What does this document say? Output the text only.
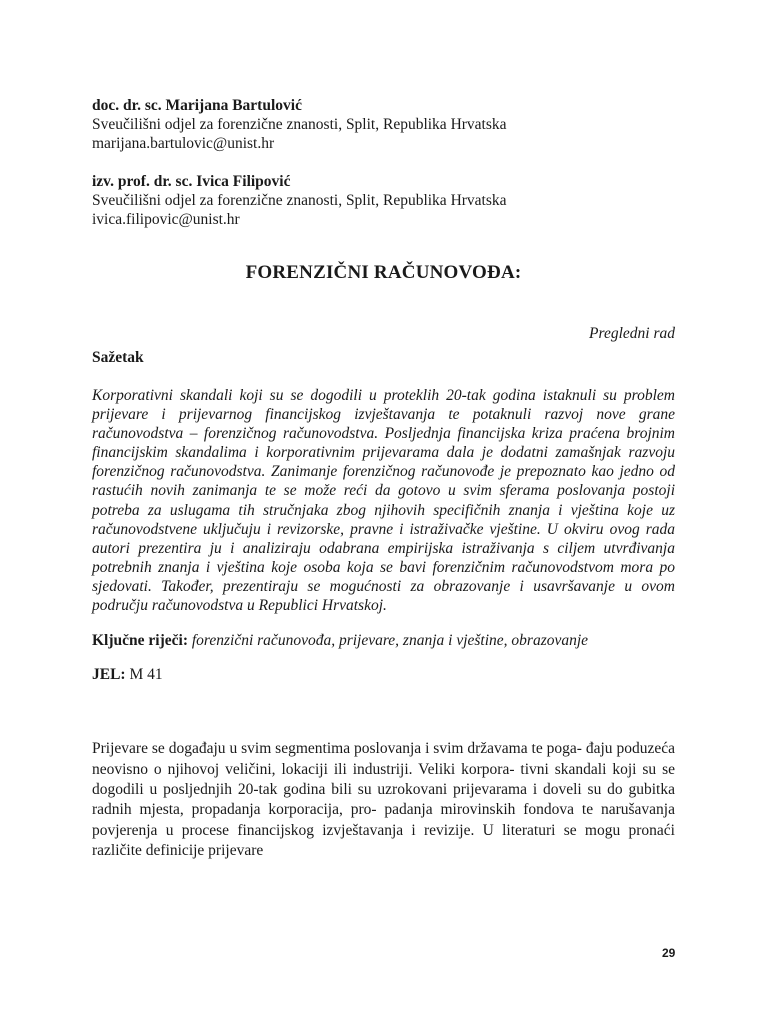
doc. dr. sc. Marijana Bartulović
Sveučilišni odjel za forenzične znanosti, Split, Republika Hrvatska
marijana.bartulovic@unist.hr
izv. prof. dr. sc. Ivica Filipović
Sveučilišni odjel za forenzične znanosti, Split, Republika Hrvatska
ivica.filipovic@unist.hr
FORENZIČNI RAČUNOVOĐA:
Pregledni rad
Sažetak
Korporativni skandali koji su se dogodili u proteklih 20-tak godina istaknuli su problem prijevare i prijevarnog financijskog izvještavanja te potaknuli razvoj nove grane računovodstva – forenzičnog računovodstva. Posljednja financijska kriza praćena brojnim financijskim skandalima i korporativnim prijevarama dala je dodatni zamašnjak razvoju forenzičnog računovodstva. Zanimanje forenzičnog računovođe je prepoznato kao jedno od rastućih novih zanimanja te se može reći da gotovo u svim sferama poslovanja postoji potreba za uslugama tih stručnjaka zbog njihovih specifičnih znanja i vještina koje uz računovodstvene uključuju i revizorske, pravne i istraživačke vještine. U okviru ovog rada autori prezentira ju i analiziraju odabrana empirijska istraživanja s ciljem utvrđivanja potrebnih znanja i vještina koje osoba koja se bavi forenzičnim računovodstvom mora po sjedovati. Također, prezentiraju se mogućnosti za obrazovanje i usavršavanje u ovom području računovodstva u Republici Hrvatskoj.
Ključne riječi: forenzični računovođa, prijevare, znanja i vještine, obrazovanje
JEL: M 41
Prijevare se događaju u svim segmentima poslovanja i svim državama te poga- đaju poduzeća neovisno o njihovoj veličini, lokaciji ili industriji. Veliki korpora- tivni skandali koji su se dogodili u posljednjih 20-tak godina bili su uzrokovani prijevarama i doveli su do gubitka radnih mjesta, propadanja korporacija, pro- padanja mirovinskih fondova te narušavanja povjerenja u procese financijskog izvještavanja i revizije. U literaturi se mogu pronaći različite definicije prijevare
29
